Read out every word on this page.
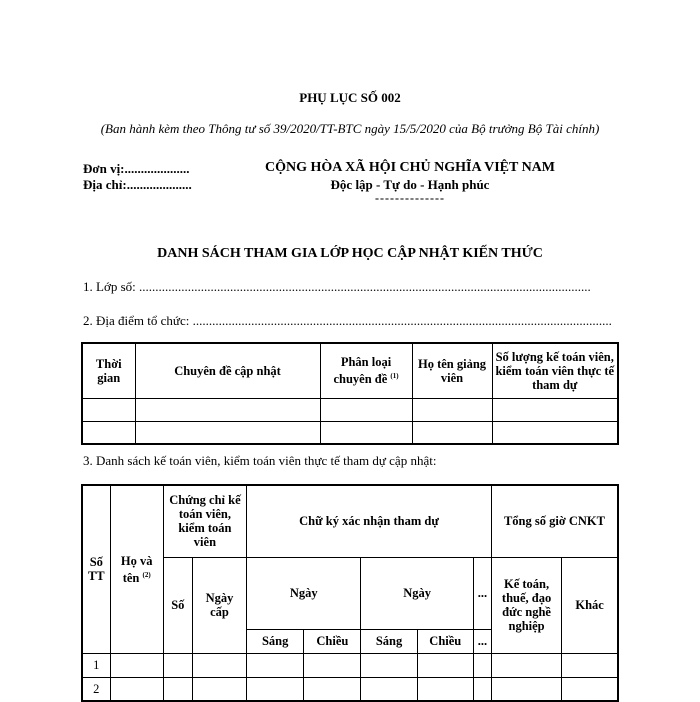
PHỤ LỤC SỐ 002
(Ban hành kèm theo Thông tư số 39/2020/TT-BTC ngày 15/5/2020 của Bộ trưởng Bộ Tài chính)
Đơn vị:....................
Địa chỉ:....................
CỘNG HÒA XÃ HỘI CHỦ NGHĨA VIỆT NAM
Độc lập - Tự do - Hạnh phúc
--------------
DANH SÁCH THAM GIA LỚP HỌC CẬP NHẬT KIẾN THỨC
1. Lớp số: ...........................................................................................................................................
2. Địa điểm tổ chức: .................................................................................................................................
Thời gian	Chuyên đề cập nhật	Phân loại chuyên đề $^{(1)}$	Họ tên giảng viên	Số lượng kế toán viên, kiểm toán viên thực tế tham dự

3. Danh sách kế toán viên, kiểm toán viên thực tế tham dự cập nhật:
Số TT	Họ và tên $^{(2)}$	Chứng chỉ kế toán viên, kiểm toán viên		Chữ ký xác nhận tham dự					Tổng số giờ CNKT	
		Số	Ngày cấp						Kế toán, thuế, đạo đức nghề nghiệp	Khác
				Ngày		Ngày		...		
				Sáng	Chiều	Sáng	Chiều	...		
1										
2										
